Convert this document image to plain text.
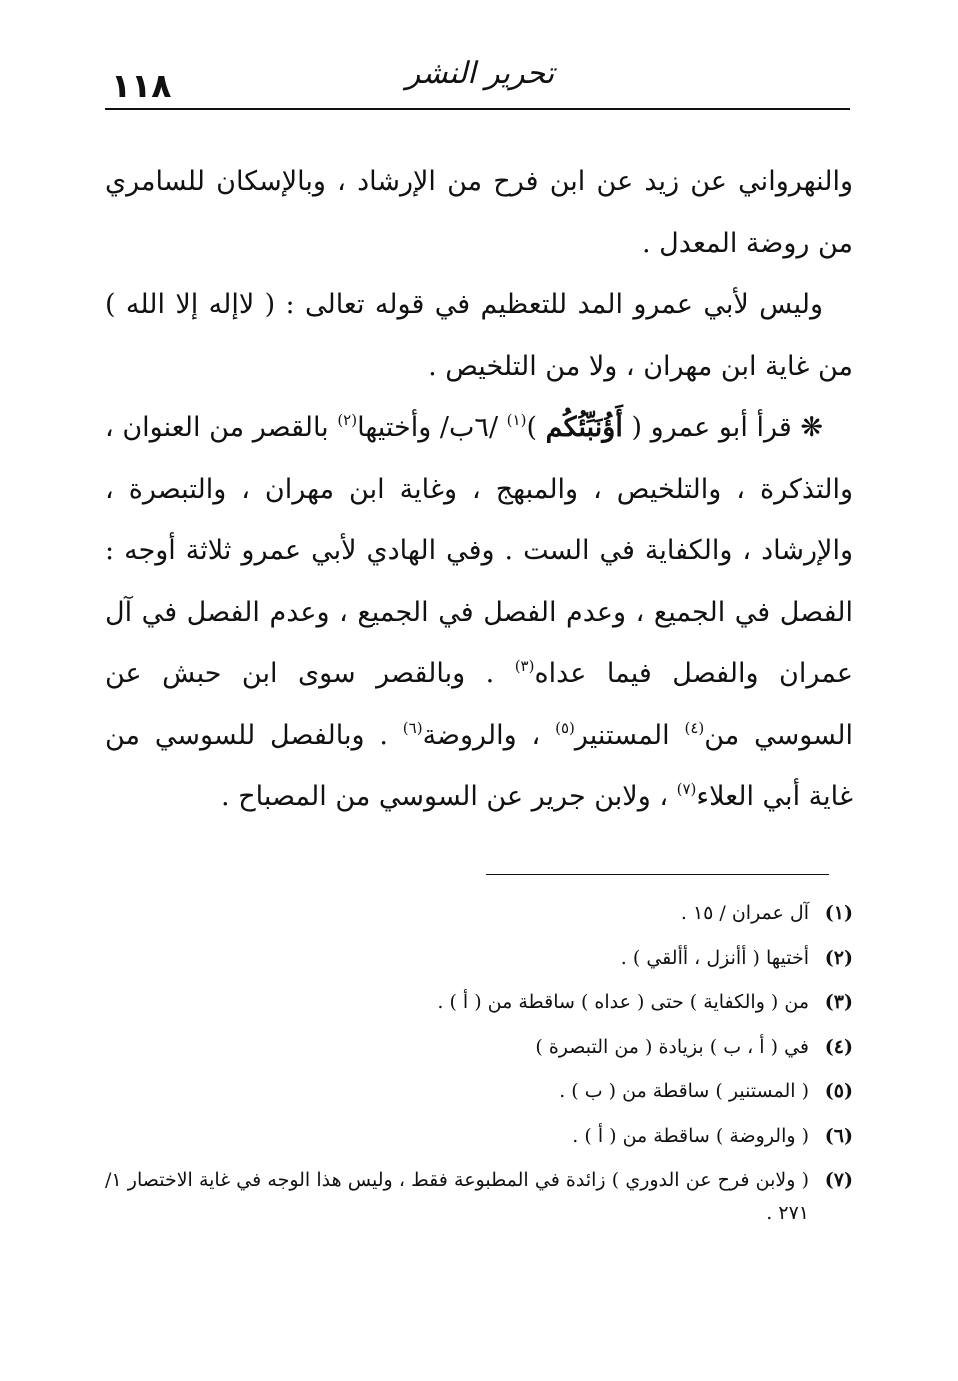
١١٨	تحرير النشر

والنهرواني عن زيد عن ابن فرح من الإرشاد ، وبالإسكان للسامري من روضة المعدل .

وليس لأبي عمرو المد للتعظيم في قوله تعالى : ( لاإله إلا الله ) من غاية ابن مهران ، ولا من التلخيص .

❋ قرأ أبو عمرو ( أَؤُنَبِّئُكُم )$^{(١)}$ /٦ب/ وأختيها$^{(٢)}$ بالقصر من العنوان ، والتذكرة ، والتلخيص ، والمبهج ، وغاية ابن مهران ، والتبصرة ، والإرشاد ، والكفاية في الست . وفي الهادي لأبي عمرو ثلاثة أوجه : الفصل في الجميع ، وعدم الفصل في الجميع ، وعدم الفصل في آل عمران والفصل فيما عداه$^{(٣)}$ . وبالقصر سوى ابن حبش عن السوسي من$^{(٤)}$ المستنير$^{(٥)}$ ، والروضة$^{(٦)}$ . وبالفصل للسوسي من غاية أبي العلاء$^{(٧)}$ ، ولابن جرير عن السوسي من المصباح .

(١)
آل عمران / ١٥ .
(٢)
أختيها ( أأنزل ، أألقي ) .
(٣)
من ( والكفاية ) حتى ( عداه ) ساقطة من ( أ ) .
(٤)
في ( أ ، ب ) بزيادة ( من التبصرة )
(٥)
( المستنير ) ساقطة من ( ب ) .
(٦)
( والروضة ) ساقطة من ( أ ) .
(٧)
( ولابن فرح عن الدوري ) زائدة في المطبوعة فقط ، وليس هذا الوجه في غاية الاختصار ١/ ٢٧١ .
